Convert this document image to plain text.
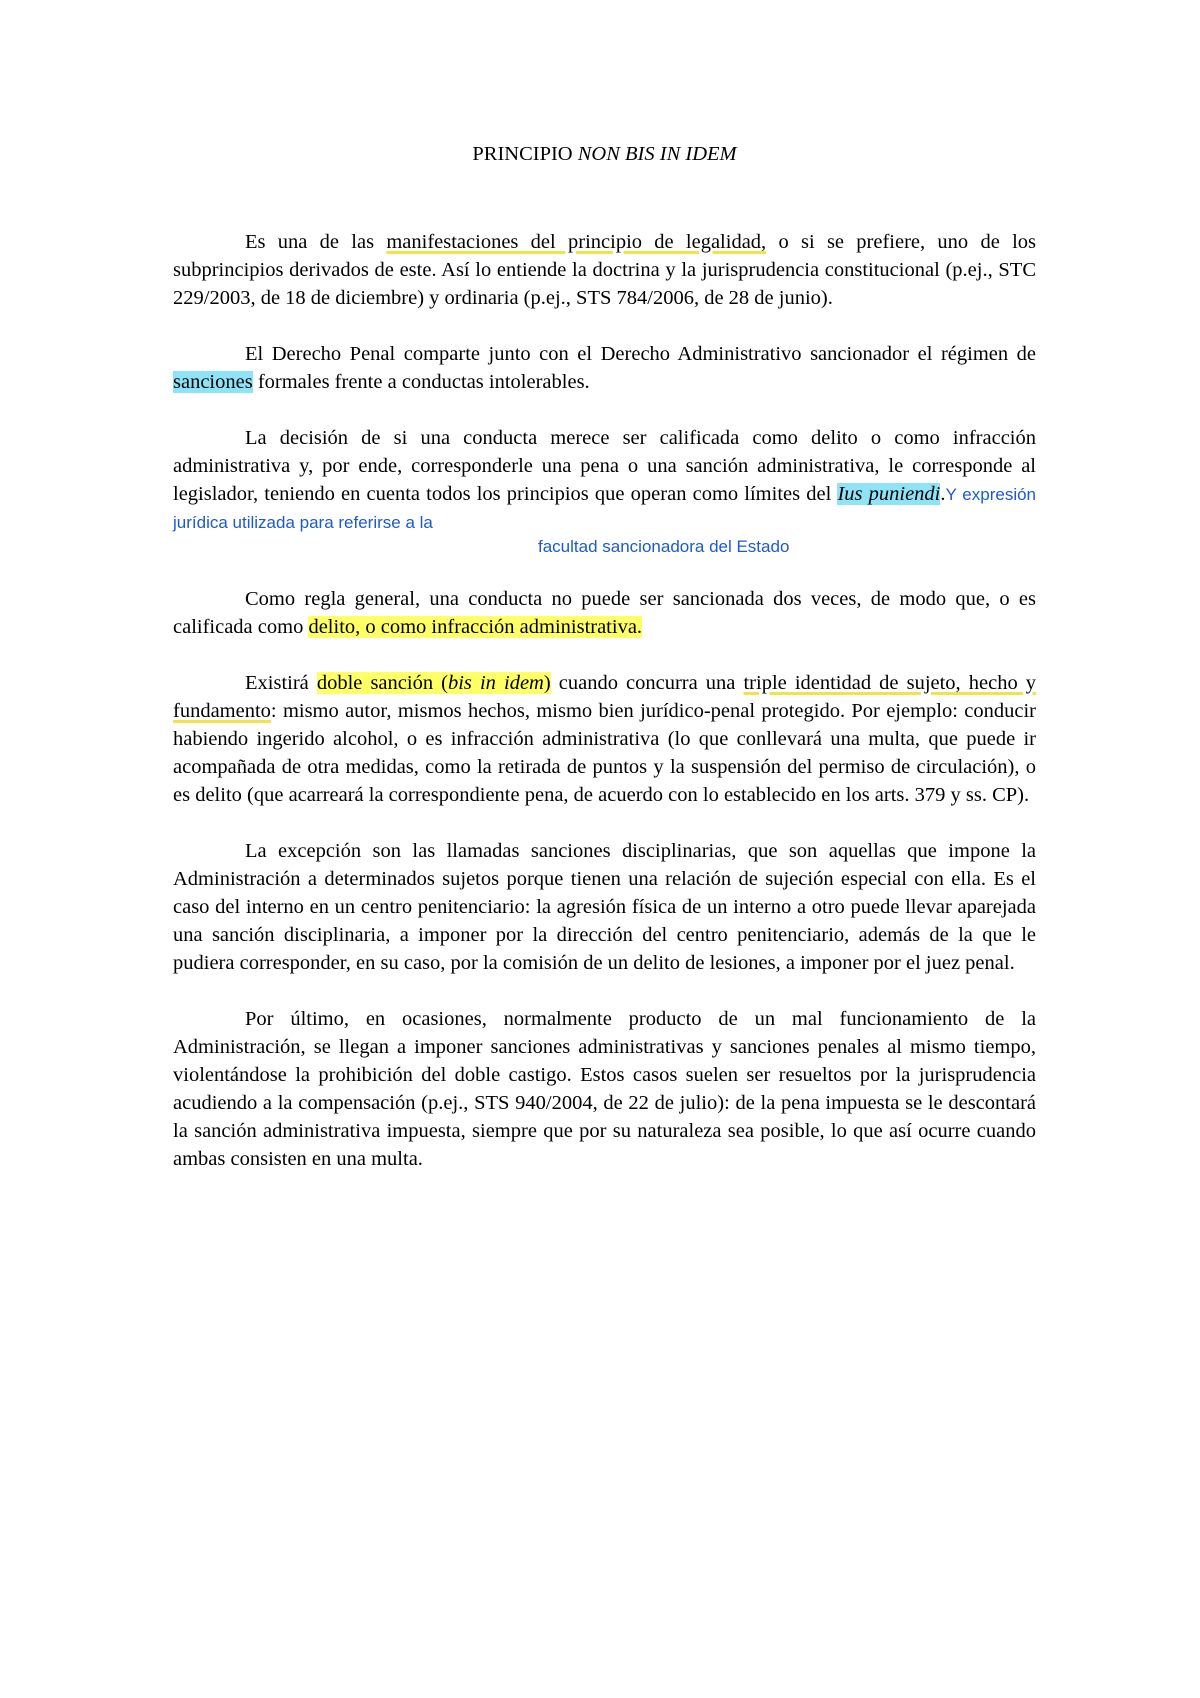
PRINCIPIO NON BIS IN IDEM

Es una de las manifestaciones del principio de legalidad, o si se prefiere, uno de los subprincipios derivados de este. Así lo entiende la doctrina y la jurisprudencia constitucional (p.ej., STC 229/2003, de 18 de diciembre) y ordinaria (p.ej., STS 784/2006, de 28 de junio).

El Derecho Penal comparte junto con el Derecho Administrativo sancionador el régimen de sanciones formales frente a conductas intolerables.

La decisión de si una conducta merece ser calificada como delito o como infracción administrativa y, por ende, corresponderle una pena o una sanción administrativa, le corresponde al legislador, teniendo en cuenta todos los principios que operan como límites del Ius puniendi.Y expresión jurídica utilizada para referirse a la
facultad sancionadora del Estado

Como regla general, una conducta no puede ser sancionada dos veces, de modo que, o es calificada como delito, o como infracción administrativa.

Existirá doble sanción (bis in idem) cuando concurra una triple identidad de sujeto, hecho y fundamento: mismo autor, mismos hechos, mismo bien jurídico-penal protegido. Por ejemplo: conducir habiendo ingerido alcohol, o es infracción administrativa (lo que conllevará una multa, que puede ir acompañada de otra medidas, como la retirada de puntos y la suspensión del permiso de circulación), o es delito (que acarreará la correspondiente pena, de acuerdo con lo establecido en los arts. 379 y ss. CP).

La excepción son las llamadas sanciones disciplinarias, que son aquellas que impone la Administración a determinados sujetos porque tienen una relación de sujeción especial con ella. Es el caso del interno en un centro penitenciario: la agresión física de un interno a otro puede llevar aparejada una sanción disciplinaria, a imponer por la dirección del centro penitenciario, además de la que le pudiera corresponder, en su caso, por la comisión de un delito de lesiones, a imponer por el juez penal.

Por último, en ocasiones, normalmente producto de un mal funcionamiento de la Administración, se llegan a imponer sanciones administrativas y sanciones penales al mismo tiempo, violentándose la prohibición del doble castigo. Estos casos suelen ser resueltos por la jurisprudencia acudiendo a la compensación (p.ej., STS 940/2004, de 22 de julio): de la pena impuesta se le descontará la sanción administrativa impuesta, siempre que por su naturaleza sea posible, lo que así ocurre cuando ambas consisten en una multa.
